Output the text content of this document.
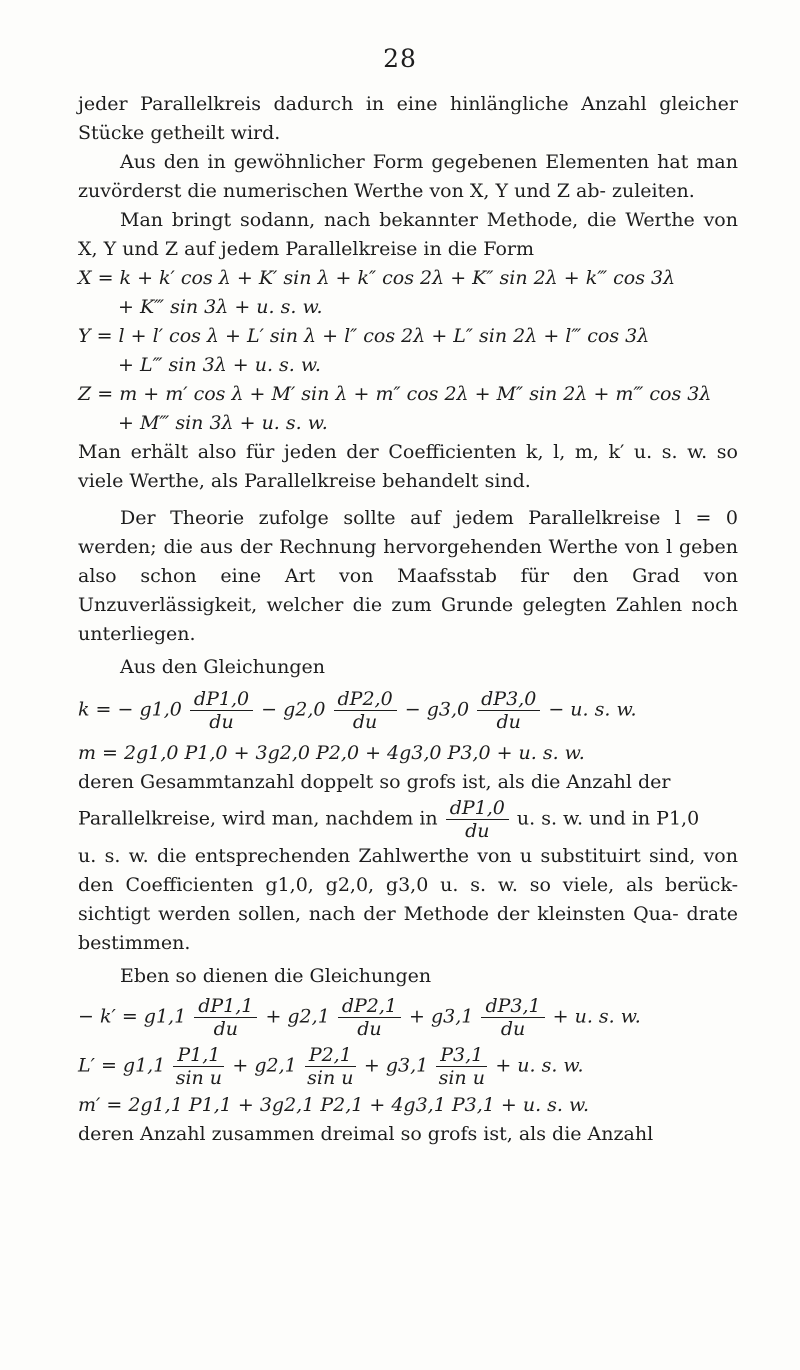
28

jeder Parallelkreis dadurch in eine hinlängliche Anzahl gleicher Stücke getheilt wird.

Aus den in gewöhnlicher Form gegebenen Elementen hat man zuvörderst die numerischen Werthe von X, Y und Z ab- zuleiten.

Man bringt sodann, nach bekannter Methode, die Werthe von X, Y und Z auf jedem Parallelkreise in die Form

X = k + k′ cos λ + K′ sin λ + k″ cos 2λ + K″ sin 2λ + k‴ cos 3λ

+ K‴ sin 3λ + u. s. w.

Y = l + l′ cos λ + L′ sin λ + l″ cos 2λ + L″ sin 2λ + l‴ cos 3λ

+ L‴ sin 3λ + u. s. w.

Z = m + m′ cos λ + M′ sin λ + m″ cos 2λ + M″ sin 2λ + m‴ cos 3λ

+ M‴ sin 3λ + u. s. w.

Man erhält also für jeden der Coefficienten k, l, m, k′ u. s. w. so viele Werthe, als Parallelkreise behandelt sind.

Der Theorie zufolge sollte auf jedem Parallelkreise l = 0 werden; die aus der Rechnung hervorgehenden Werthe von l geben also schon eine Art von Maafsstab für den Grad von Unzuverlässigkeit, welcher die zum Grunde gelegten Zahlen noch unterliegen.

Aus den Gleichungen

k = − $g1,0 \frac{dP1,0}{du} - g2,0 \frac{dP2,0}{du} - g3,0 \frac{dP3,0}{du} - u$. s. w.

m = 2g1,0 P1,0 + 3g2,0 P2,0 + 4g3,0 P3,0 + u. s. w.

deren Gesammtanzahl doppelt so grofs ist, als die Anzahl der

Parallelkreise, wird man, nachdem in $\frac{dP1,0}{du} u$. s. w. und in P1,0

u. s. w. die entsprechenden Zahlwerthe von u substituirt sind, von den Coefficienten g1,0, g2,0, g3,0 u. s. w. so viele, als berück- sichtigt werden sollen, nach der Methode der kleinsten Qua- drate bestimmen.

Eben so dienen die Gleichungen

− $k' = g1,1 \frac{dP1,1}{du} + g2,1 \frac{dP2,1}{du} + g3,1 \frac{dP3,1}{du} + u$. s. w.
$L' = g1,1 \frac{P1,1}{\text{sin u}} + g2,1 \frac{P2,1}{\text{sin u}} + g3,1 \frac{P3,1}{\text{sin u}} + u$. s. w.

m′ = 2g1,1 P1,1 + 3g2,1 P2,1 + 4g3,1 P3,1 + u. s. w.

deren Anzahl zusammen dreimal so grofs ist, als die Anzahl
